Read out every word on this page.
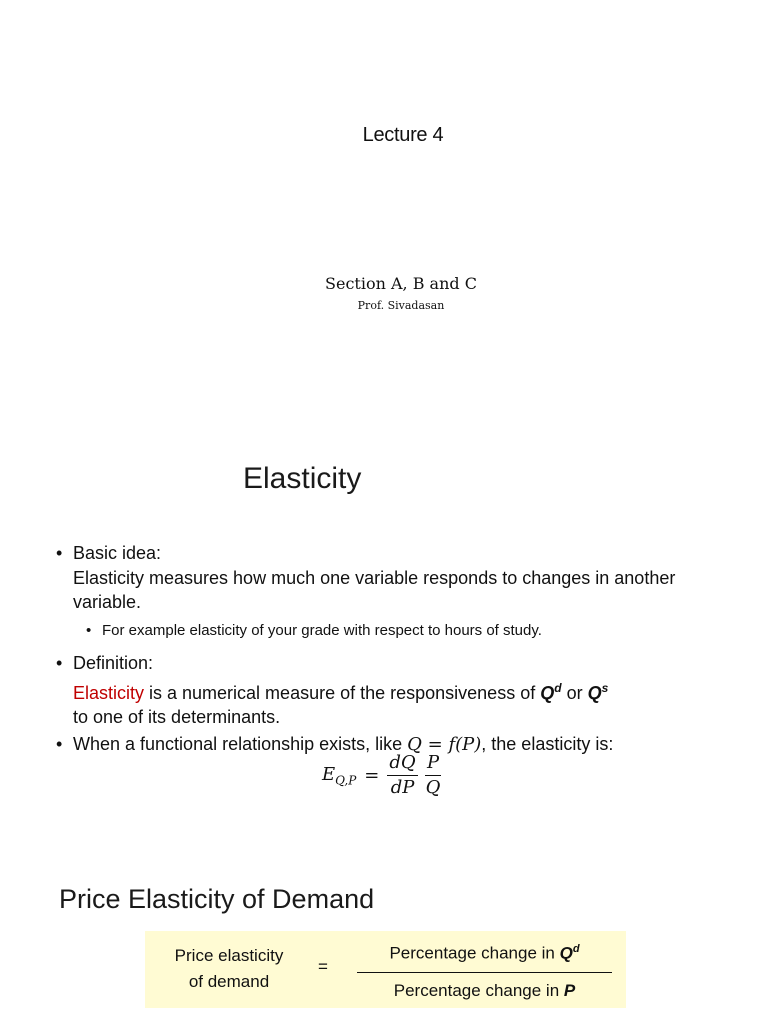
Lecture 4
Section A, B and C
Prof. Sivadasan
Elasticity
• Basic idea:
Elasticity measures how much one variable responds to changes in another variable.
• For example elasticity of your grade with respect to hours of study.
• Definition:
Elasticity is a numerical measure of the responsiveness of $Q^d$ or $Q^s$
to one of its determinants.
• When a functional relationship exists, like Q = f(P), the elasticity is:
$E_{Q,P} = \frac{dQ}{dP} \frac{P}{Q}$
Price Elasticity of Demand
Price elasticity
of demand
=
Percentage change in $Q^d$
Percentage change in P
